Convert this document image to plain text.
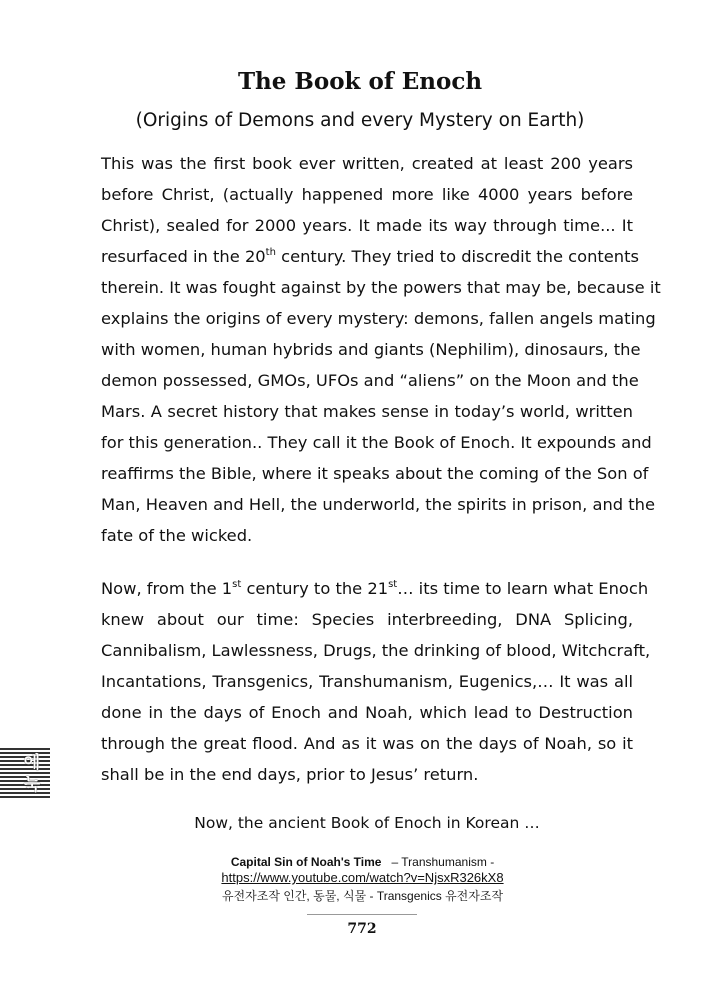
The Book of Enoch

(Origins of Demons and every Mystery on Earth)

This was the first book ever written, created at least 200 years
before Christ, (actually happened more like 4000 years before
Christ), sealed for 2000 years. It made its way through time... It
resurfaced in the 20th century. They tried to discredit the contents
therein. It was fought against by the powers that may be, because it
explains the origins of every mystery: demons, fallen angels mating
with women, human hybrids and giants (Nephilim), dinosaurs, the
demon possessed, GMOs, UFOs and “aliens” on the Moon and the
Mars. A secret history that makes sense in today’s world, written
for this generation.. They call it the Book of Enoch. It expounds and
reaffirms the Bible, where it speaks about the coming of the Son of
Man, Heaven and Hell, the underworld, the spirits in prison, and the
fate of the wicked.
Now, from the 1st century to the 21st… its time to learn what Enoch
knew about our time: Species interbreeding, DNA Splicing,
Cannibalism, Lawlessness, Drugs, the drinking of blood, Witchcraft,
Incantations, Transgenics, Transhumanism, Eugenics,… It was all
done in the days of Enoch and Noah, which lead to Destruction
through the great flood. And as it was on the days of Noah, so it
shall be in the end days, prior to Jesus’ return.

Now, the ancient Book of Enoch in Korean …

Capital Sin of Noah's Time – Transhumanism -

https://www.youtube.com/watch?v=NjsxR326kX8

유전자조작 인간, 동물, 식물 - Transgenics 유전자조작

772

에
눅
